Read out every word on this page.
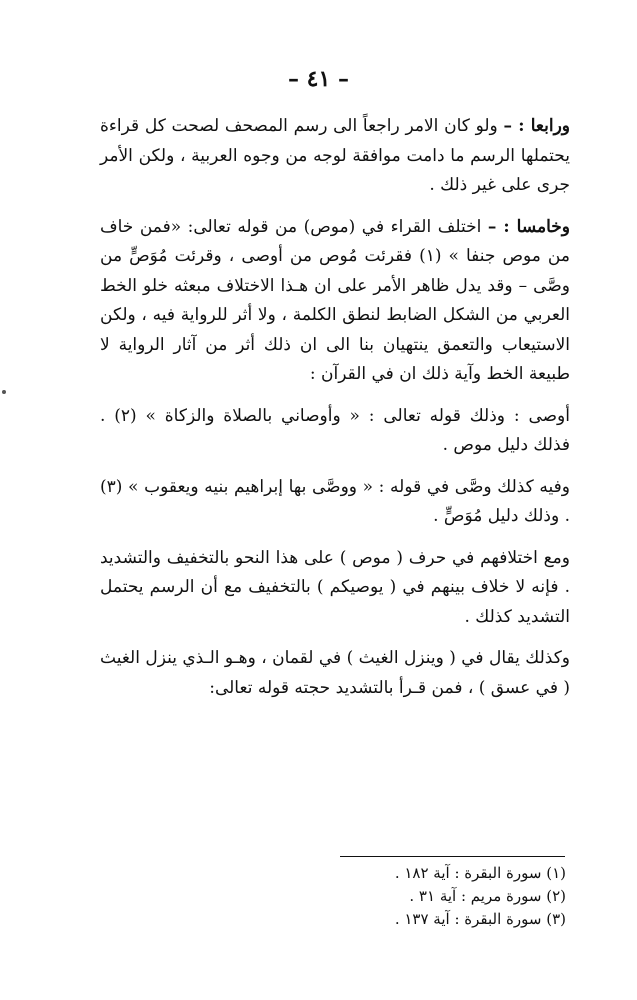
– ٤١ –

ورابعا : – ولو كان الامر راجعاً الى رسم المصحف لصحت كل قراءة يحتملها الرسم ما دامت موافقة لوجه من وجوه العربية ، ولكن الأمر جرى على غير ذلك .

وخامسا : – اختلف القراء في (موص) من قوله تعالى: «فمن خاف من موص جنفا » (١) فقرئت مُوص من أوصى ، وقرئت مُوَصٍّ من وصَّى – وقد يدل ظاهر الأمر على ان هـذا الاختلاف مبعثه خلو الخط العربي من الشكل الضابط لنطق الكلمة ، ولا أثر للرواية فيه ، ولكن الاستيعاب والتعمق ينتهيان بنا الى ان ذلك أثر من آثار الرواية لا طبيعة الخط وآية ذلك ان في القرآن :

أوصى : وذلك قوله تعالى : « وأوصاني بالصلاة والزكاة » (٢) . فذلك دليل موص .

وفيه كذلك وصَّى في قوله : « ووصَّى بها إبراهيم بنيه ويعقوب » (٣) . وذلك دليل مُوَصٍّ .

ومع اختلافهم في حرف ( موص ) على هذا النحو بالتخفيف والتشديد . فإنه لا خلاف بينهم في ( يوصيكم ) بالتخفيف مع أن الرسم يحتمل التشديد كذلك .

وكذلك يقال في ( وينزل الغيث ) في لقمان ، وهـو الـذي ينزل الغيث ( في عسق ) ، فمن قـرأ بالتشديد حجته قوله تعالى:

(١) سورة البقرة : آية ١٨٢ .
(٢) سورة مريم : آية ٣١ .
(٣) سورة البقرة : آية ١٣٧ .
